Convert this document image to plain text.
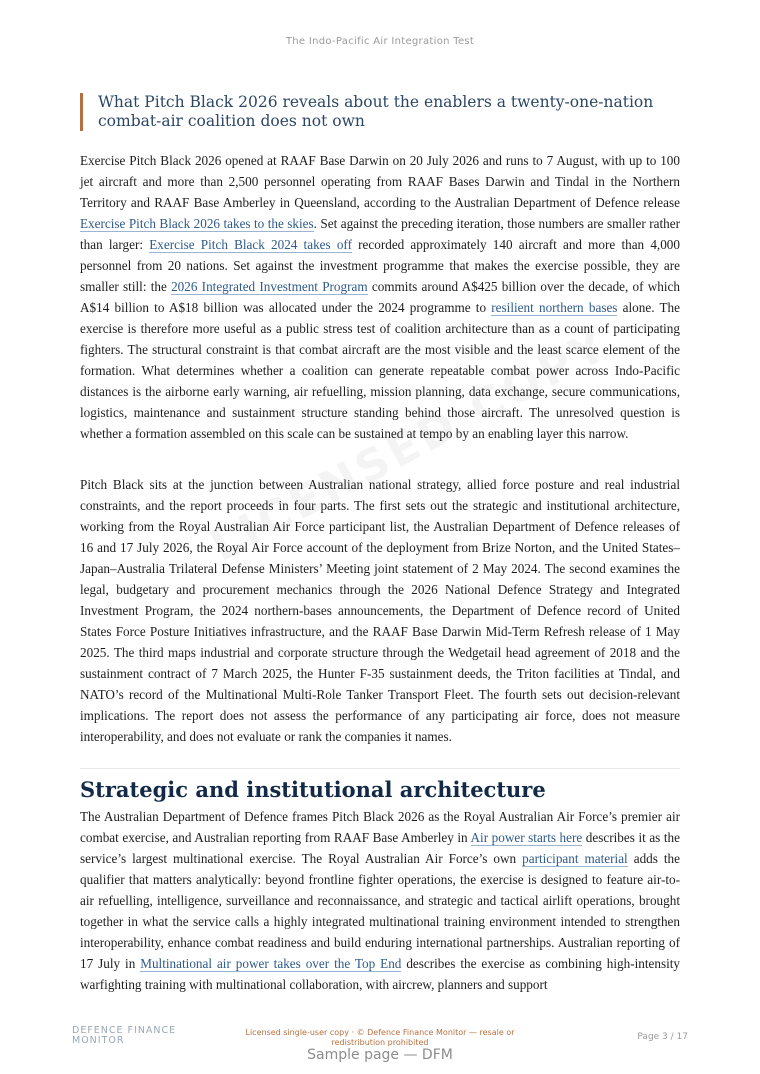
The Indo-Pacific Air Integration Test
What Pitch Black 2026 reveals about the enablers a twenty-one-nation combat-air coalition does not own

Exercise Pitch Black 2026 opened at RAAF Base Darwin on 20 July 2026 and runs to 7 August, with up to 100 jet aircraft and more than 2,500 personnel operating from RAAF Bases Darwin and Tindal in the Northern Territory and RAAF Base Amberley in Queensland, according to the Australian Department of Defence release Exercise Pitch Black 2026 takes to the skies. Set against the preceding iteration, those numbers are smaller rather than larger: Exercise Pitch Black 2024 takes off recorded approximately 140 aircraft and more than 4,000 personnel from 20 nations. Set against the investment programme that makes the exercise possible, they are smaller still: the 2026 Integrated Investment Program commits around A$425 billion over the decade, of which A$14 billion to A$18 billion was allocated under the 2024 programme to resilient northern bases alone. The exercise is therefore more useful as a public stress test of coalition architecture than as a count of participating fighters. The structural constraint is that combat aircraft are the most visible and the least scarce element of the formation. What determines whether a coalition can generate repeatable combat power across Indo-Pacific distances is the airborne early warning, air refuelling, mission planning, data exchange, secure communications, logistics, maintenance and sustainment structure standing behind those aircraft. The unresolved question is whether a formation assembled on this scale can be sustained at tempo by an enabling layer this narrow.

Pitch Black sits at the junction between Australian national strategy, allied force posture and real industrial constraints, and the report proceeds in four parts. The first sets out the strategic and institutional architecture, working from the Royal Australian Air Force participant list, the Australian Department of Defence releases of 16 and 17 July 2026, the Royal Air Force account of the deployment from Brize Norton, and the United States–Japan–Australia Trilateral Defense Ministers’ Meeting joint statement of 2 May 2024. The second examines the legal, budgetary and procurement mechanics through the 2026 National Defence Strategy and Integrated Investment Program, the 2024 northern-bases announcements, the Department of Defence record of United States Force Posture Initiatives infrastructure, and the RAAF Base Darwin Mid-Term Refresh release of 1 May 2025. The third maps industrial and corporate structure through the Wedgetail head agreement of 2018 and the sustainment contract of 7 March 2025, the Hunter F-35 sustainment deeds, the Triton facilities at Tindal, and NATO’s record of the Multinational Multi-Role Tanker Transport Fleet. The fourth sets out decision-relevant implications. The report does not assess the performance of any participating air force, does not measure interoperability, and does not evaluate or rank the companies it names.

Strategic and institutional architecture

The Australian Department of Defence frames Pitch Black 2026 as the Royal Australian Air Force’s premier air combat exercise, and Australian reporting from RAAF Base Amberley in Air power starts here describes it as the service’s largest multinational exercise. The Royal Australian Air Force’s own participant material adds the qualifier that matters analytically: beyond frontline fighter operations, the exercise is designed to feature air-to-air refuelling, intelligence, surveillance and reconnaissance, and strategic and tactical airlift operations, brought together in what the service calls a highly integrated multinational training environment intended to strengthen interoperability, enhance combat readiness and build enduring international partnerships. Australian reporting of 17 July in Multinational air power takes over the Top End describes the exercise as combining high-intensity warfighting training with multinational collaboration, with aircrew, planners and support

DEFENCE FINANCE
MONITOR
Licensed single-user copy · © Defence Finance Monitor — resale or redistribution prohibited
Page 3 / 17
Sample page — DFM
